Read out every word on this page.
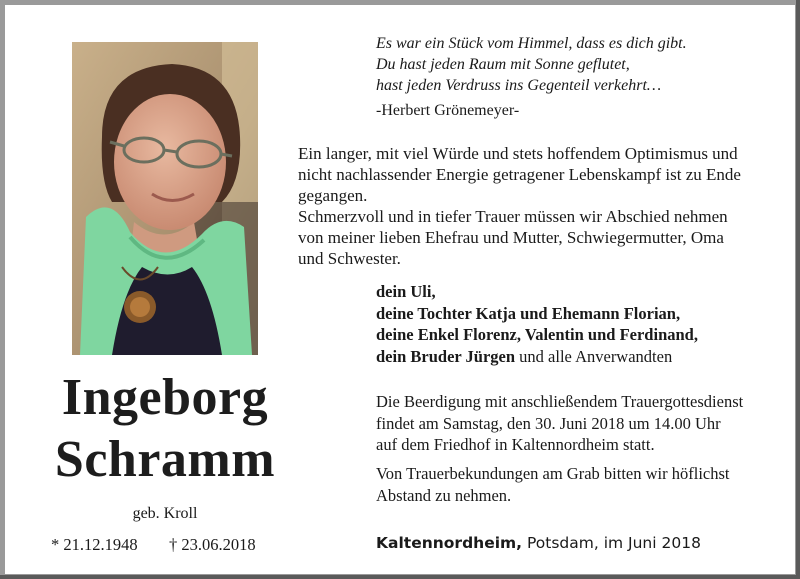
Ingeborg
Schramm
geb. Kroll
* 21.12.1948 † 23.06.2018
Es war ein Stück vom Himmel, dass es dich gibt.
Du hast jeden Raum mit Sonne geflutet,
hast jeden Verdruss ins Gegenteil verkehrt…
-Herbert Grönemeyer-
Ein langer, mit viel Würde und stets hoffendem Optimismus und
nicht nachlassender Energie getragener Lebenskampf ist zu Ende
gegangen.
Schmerzvoll und in tiefer Trauer müssen wir Abschied nehmen
von meiner lieben Ehefrau und Mutter, Schwiegermutter, Oma
und Schwester.
dein Uli,
deine Tochter Katja und Ehemann Florian,
deine Enkel Florenz, Valentin und Ferdinand,
dein Bruder Jürgen und alle Anverwandten
Die Beerdigung mit anschließendem Trauergottesdienst
findet am Samstag, den 30. Juni 2018 um 14.00 Uhr
auf dem Friedhof in Kaltennordheim statt.
Von Trauerbekundungen am Grab bitten wir höflichst
Abstand zu nehmen.
Kaltennordheim, Potsdam, im Juni 2018
